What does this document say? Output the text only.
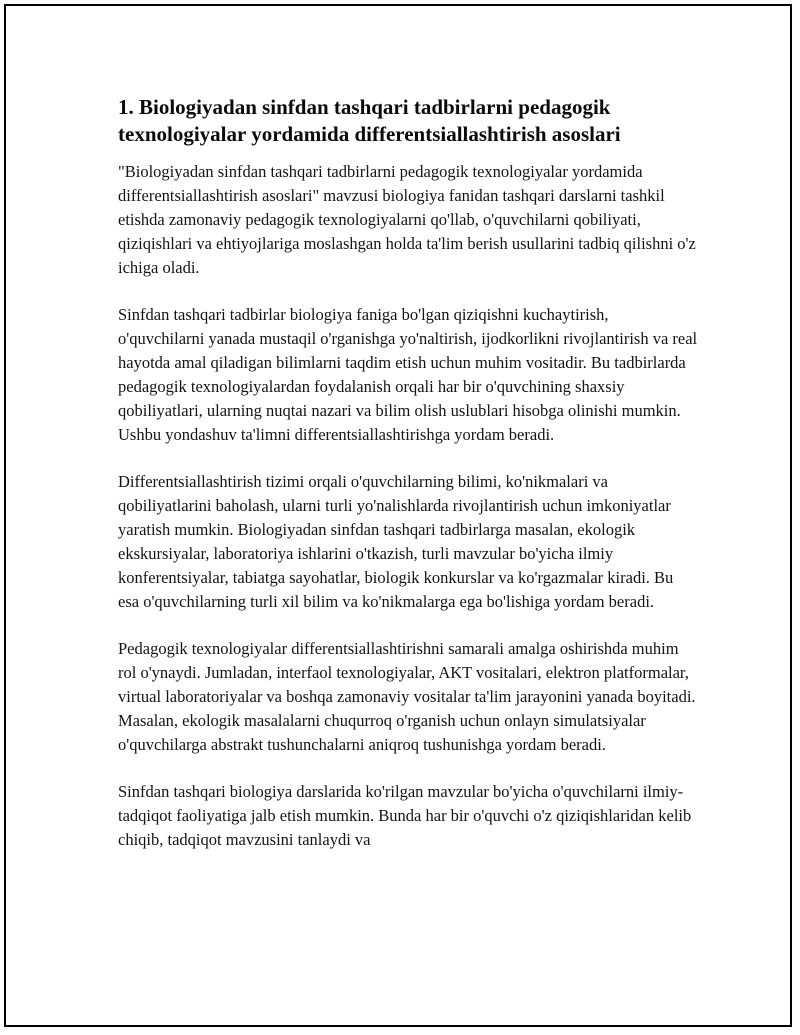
1. Biologiyadan sinfdan tashqari tadbirlarni pedagogik texnologiyalar yordamida differentsiallashtirish asoslari

"Biologiyadan sinfdan tashqari tadbirlarni pedagogik texnologiyalar yordamida differentsiallashtirish asoslari" mavzusi biologiya fanidan tashqari darslarni tashkil etishda zamonaviy pedagogik texnologiyalarni qo'llab, o'quvchilarni qobiliyati, qiziqishlari va ehtiyojlariga moslashgan holda ta'lim berish usullarini tadbiq qilishni o'z ichiga oladi.

Sinfdan tashqari tadbirlar biologiya faniga bo'lgan qiziqishni kuchaytirish, o'quvchilarni yanada mustaqil o'rganishga yo'naltirish, ijodkorlikni rivojlantirish va real hayotda amal qiladigan bilimlarni taqdim etish uchun muhim vositadir. Bu tadbirlarda pedagogik texnologiyalardan foydalanish orqali har bir o'quvchining shaxsiy qobiliyatlari, ularning nuqtai nazari va bilim olish uslublari hisobga olinishi mumkin. Ushbu yondashuv ta'limni differentsiallashtirishga yordam beradi.

Differentsiallashtirish tizimi orqali o'quvchilarning bilimi, ko'nikmalari va qobiliyatlarini baholash, ularni turli yo'nalishlarda rivojlantirish uchun imkoniyatlar yaratish mumkin. Biologiyadan sinfdan tashqari tadbirlarga masalan, ekologik ekskursiyalar, laboratoriya ishlarini o'tkazish, turli mavzular bo'yicha ilmiy konferentsiyalar, tabiatga sayohatlar, biologik konkurslar va ko'rgazmalar kiradi. Bu esa o'quvchilarning turli xil bilim va ko'nikmalarga ega bo'lishiga yordam beradi.

Pedagogik texnologiyalar differentsiallashtirishni samarali amalga oshirishda muhim rol o'ynaydi. Jumladan, interfaol texnologiyalar, AKT vositalari, elektron platformalar, virtual laboratoriyalar va boshqa zamonaviy vositalar ta'lim jarayonini yanada boyitadi. Masalan, ekologik masalalarni chuqurroq o'rganish uchun onlayn simulatsiyalar o'quvchilarga abstrakt tushunchalarni aniqroq tushunishga yordam beradi.

Sinfdan tashqari biologiya darslarida ko'rilgan mavzular bo'yicha o'quvchilarni ilmiy-tadqiqot faoliyatiga jalb etish mumkin. Bunda har bir o'quvchi o'z qiziqishlaridan kelib chiqib, tadqiqot mavzusini tanlaydi va
